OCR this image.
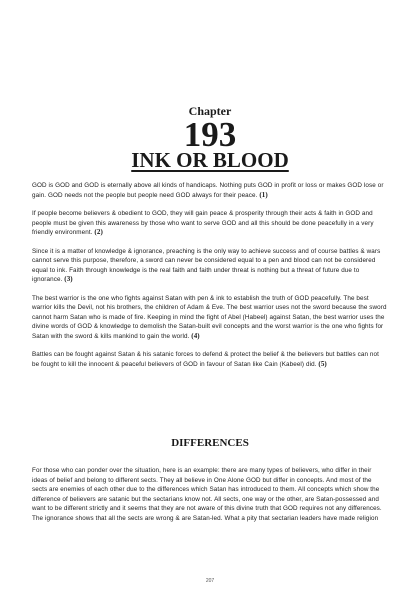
Chapter
193
INK OR BLOOD

GOD is GOD and GOD is eternally above all kinds of handicaps. Nothing puts GOD in profit or loss or makes GOD lose or gain. GOD needs not the people but people need GOD always for their peace. (1)

If people become believers & obedient to GOD, they will gain peace & prosperity through their acts & faith in GOD and people must be given this awareness by those who want to serve GOD and all this should be done peacefully in a very friendly environment. (2)

Since it is a matter of knowledge & ignorance, preaching is the only way to achieve success and of course battles & wars cannot serve this purpose, therefore, a sword can never be considered equal to a pen and blood can not be considered equal to ink. Faith through knowledge is the real faith and faith under threat is nothing but a threat of future due to ignorance. (3)

The best warrior is the one who fights against Satan with pen & ink to establish the truth of GOD peacefully. The best warrior kills the Devil, not his brothers, the children of Adam & Eve. The best warrior uses not the sword because the sword cannot harm Satan who is made of fire. Keeping in mind the fight of Abel (Habeel) against Satan, the best warrior uses the divine words of GOD & knowledge to demolish the Satan-built evil concepts and the worst warrior is the one who fights for Satan with the sword & kills mankind to gain the world. (4)

Battles can be fought against Satan & his satanic forces to defend & protect the belief & the believers but battles can not be fought to kill the innocent & peaceful believers of GOD in favour of Satan like Cain (Kabeel) did. (5)

DIFFERENCES

For those who can ponder over the situation, here is an example: there are many types of believers, who differ in their ideas of belief and belong to different sects. They all believe in One Alone GOD but differ in concepts. And most of the sects are enemies of each other due to the differences which Satan has introduced to them. All concepts which show the difference of believers are satanic but the sectarians know not. All sects, one way or the other, are Satan-possessed and want to be different strictly and it seems that they are not aware of this divine truth that GOD requires not any differences. The ignorance shows that all the sects are wrong & are Satan-led. What a pity that sectarian leaders have made religion

207
